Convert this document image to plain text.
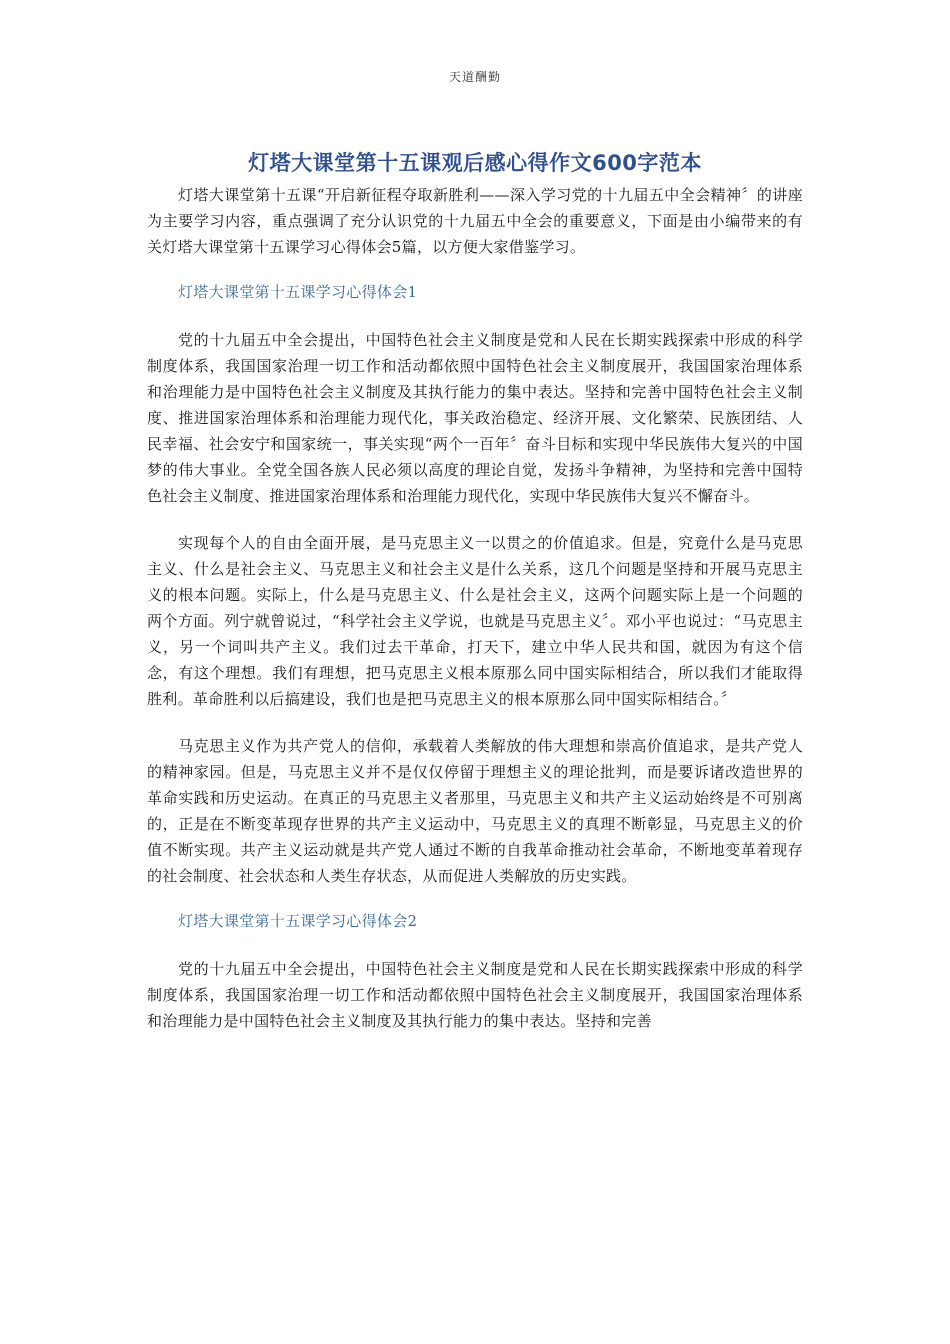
天道酬勤
灯塔大课堂第十五课观后感心得作文600字范本

灯塔大课堂第十五课“开启新征程夺取新胜利——深入学习党的十九届五中全会精神〞的讲座为主要学习内容，重点强调了充分认识党的十九届五中全会的重要意义，下面是由小编带来的有关灯塔大课堂第十五课学习心得体会5篇，以方便大家借鉴学习。

灯塔大课堂第十五课学习心得体会1

党的十九届五中全会提出，中国特色社会主义制度是党和人民在长期实践探索中形成的科学制度体系，我国国家治理一切工作和活动都依照中国特色社会主义制度展开，我国国家治理体系和治理能力是中国特色社会主义制度及其执行能力的集中表达。坚持和完善中国特色社会主义制度、推进国家治理体系和治理能力现代化，事关政治稳定、经济开展、文化繁荣、民族团结、人民幸福、社会安宁和国家统一，事关实现“两个一百年〞奋斗目标和实现中华民族伟大复兴的中国梦的伟大事业。全党全国各族人民必须以高度的理论自觉，发扬斗争精神，为坚持和完善中国特色社会主义制度、推进国家治理体系和治理能力现代化，实现中华民族伟大复兴不懈奋斗。

实现每个人的自由全面开展，是马克思主义一以贯之的价值追求。但是，究竟什么是马克思主义、什么是社会主义、马克思主义和社会主义是什么关系，这几个问题是坚持和开展马克思主义的根本问题。实际上，什么是马克思主义、什么是社会主义，这两个问题实际上是一个问题的两个方面。列宁就曾说过，“科学社会主义学说，也就是马克思主义〞。邓小平也说过：“马克思主义，另一个词叫共产主义。我们过去干革命，打天下，建立中华人民共和国，就因为有这个信念，有这个理想。我们有理想，把马克思主义根本原那么同中国实际相结合，所以我们才能取得胜利。革命胜利以后搞建设，我们也是把马克思主义的根本原那么同中国实际相结合。〞

马克思主义作为共产党人的信仰，承载着人类解放的伟大理想和崇高价值追求，是共产党人的精神家园。但是，马克思主义并不是仅仅停留于理想主义的理论批判，而是要诉诸改造世界的革命实践和历史运动。在真正的马克思主义者那里，马克思主义和共产主义运动始终是不可别离的，正是在不断变革现存世界的共产主义运动中，马克思主义的真理不断彰显，马克思主义的价值不断实现。共产主义运动就是共产党人通过不断的自我革命推动社会革命，不断地变革着现存的社会制度、社会状态和人类生存状态，从而促进人类解放的历史实践。

灯塔大课堂第十五课学习心得体会2

党的十九届五中全会提出，中国特色社会主义制度是党和人民在长期实践探索中形成的科学制度体系，我国国家治理一切工作和活动都依照中国特色社会主义制度展开，我国国家治理体系和治理能力是中国特色社会主义制度及其执行能力的集中表达。坚持和完善
